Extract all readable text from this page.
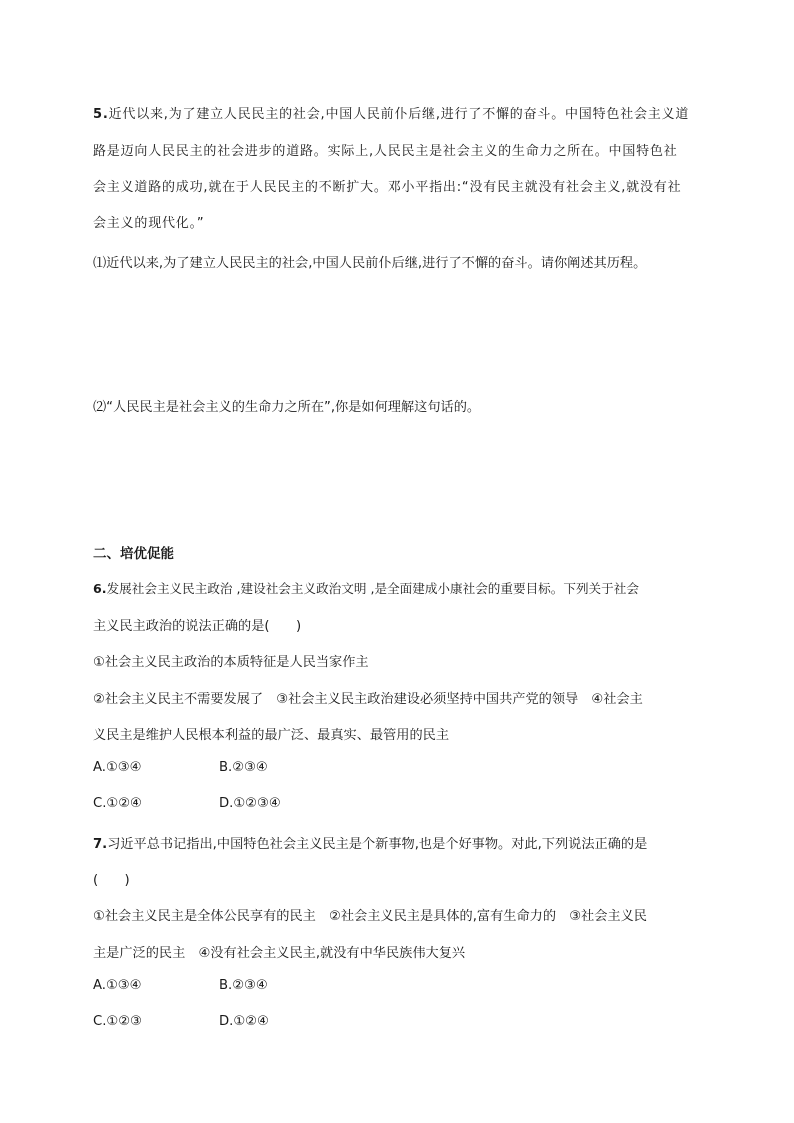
5.近代以来,为了建立人民民主的社会,中国人民前仆后继,进行了不懈的奋斗。中国特色社会主义道
路是迈向人民民主的社会进步的道路。实际上,人民民主是社会主义的生命力之所在。中国特色社
会主义道路的成功,就在于人民民主的不断扩大。邓小平指出:“没有民主就没有社会主义,就没有社
会主义的现代化。”
⑴近代以来,为了建立人民民主的社会,中国人民前仆后继,进行了不懈的奋斗。请你阐述其历程。
⑵“人民民主是社会主义的生命力之所在”,你是如何理解这句话的。
二、培优促能
6.发展社会主义民主政治 ,建设社会主义政治文明 ,是全面建成小康社会的重要目标。下列关于社会
主义民主政治的说法正确的是(　　)
①社会主义民主政治的本质特征是人民当家作主
②社会主义民主不需要发展了　③社会主义民主政治建设必须坚持中国共产党的领导　④社会主
义民主是维护人民根本利益的最广泛、最真实、最管用的民主
A.①③④	B.②③④
C.①②④	D.①②③④
7.习近平总书记指出,中国特色社会主义民主是个新事物,也是个好事物。对此,下列说法正确的是
(　　)
①社会主义民主是全体公民享有的民主　②社会主义民主是具体的,富有生命力的　③社会主义民
主是广泛的民主　④没有社会主义民主,就没有中华民族伟大复兴
A.①③④	B.②③④
C.①②③	D.①②④
